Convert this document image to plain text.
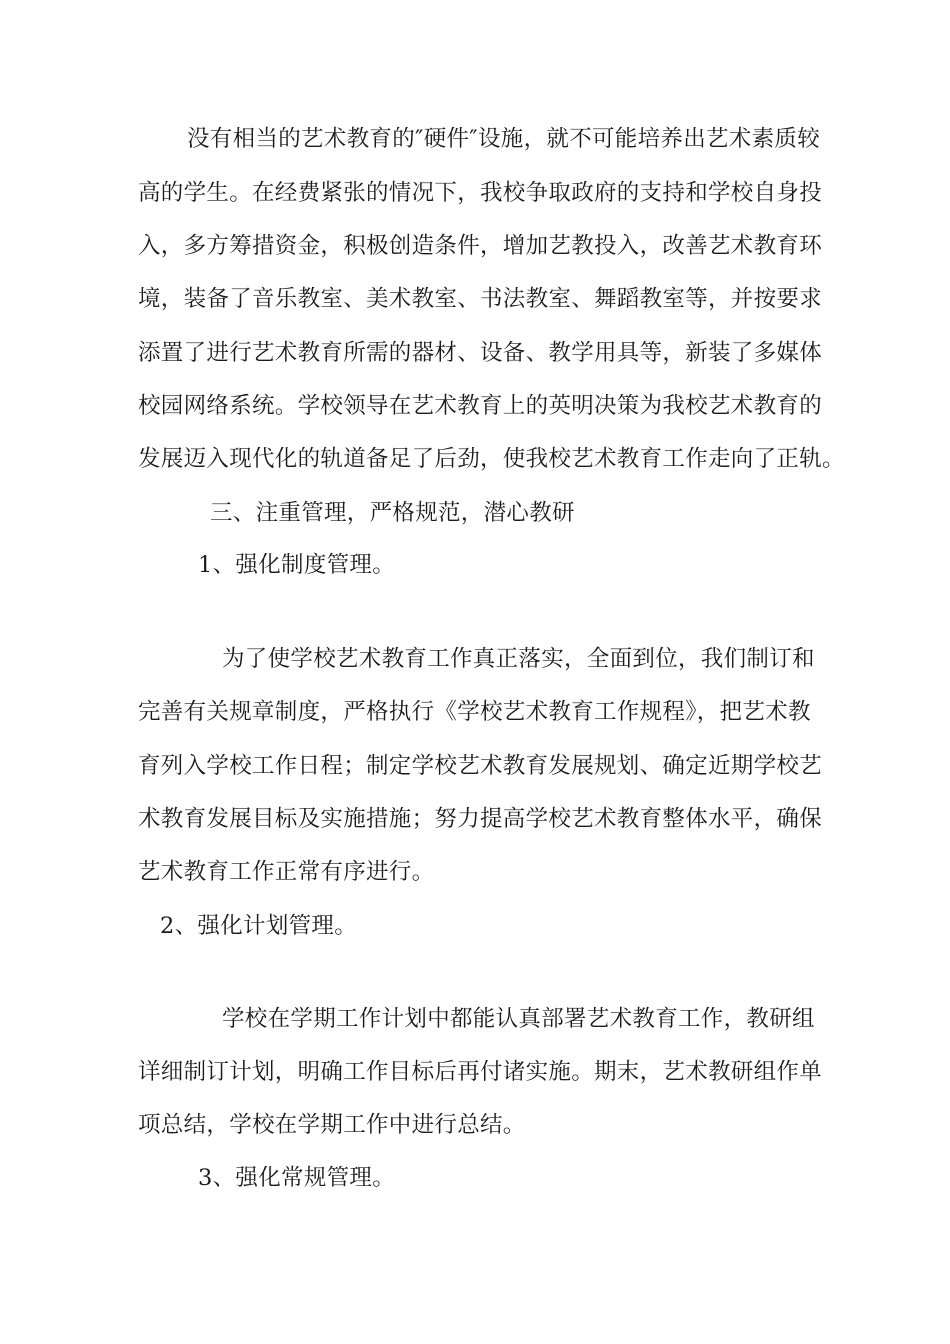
没有相当的艺术教育的″硬件″设施，就不可能培养出艺术素质较
高的学生。在经费紧张的情况下，我校争取政府的支持和学校自身投
入，多方筹措资金，积极创造条件，增加艺教投入，改善艺术教育环
境，装备了音乐教室、美术教室、书法教室、舞蹈教室等，并按要求
添置了进行艺术教育所需的器材、设备、教学用具等，新装了多媒体
校园网络系统。学校领导在艺术教育上的英明决策为我校艺术教育的
发展迈入现代化的轨道备足了后劲，使我校艺术教育工作走向了正轨。
三、注重管理，严格规范，潜心教研
1、强化制度管理。
为了使学校艺术教育工作真正落实，全面到位，我们制订和
完善有关规章制度，严格执行《学校艺术教育工作规程》，把艺术教
育列入学校工作日程；制定学校艺术教育发展规划、确定近期学校艺
术教育发展目标及实施措施；努力提高学校艺术教育整体水平，确保
艺术教育工作正常有序进行。
2、强化计划管理。
学校在学期工作计划中都能认真部署艺术教育工作，教研组
详细制订计划，明确工作目标后再付诸实施。期末，艺术教研组作单
项总结，学校在学期工作中进行总结。
3、强化常规管理。
